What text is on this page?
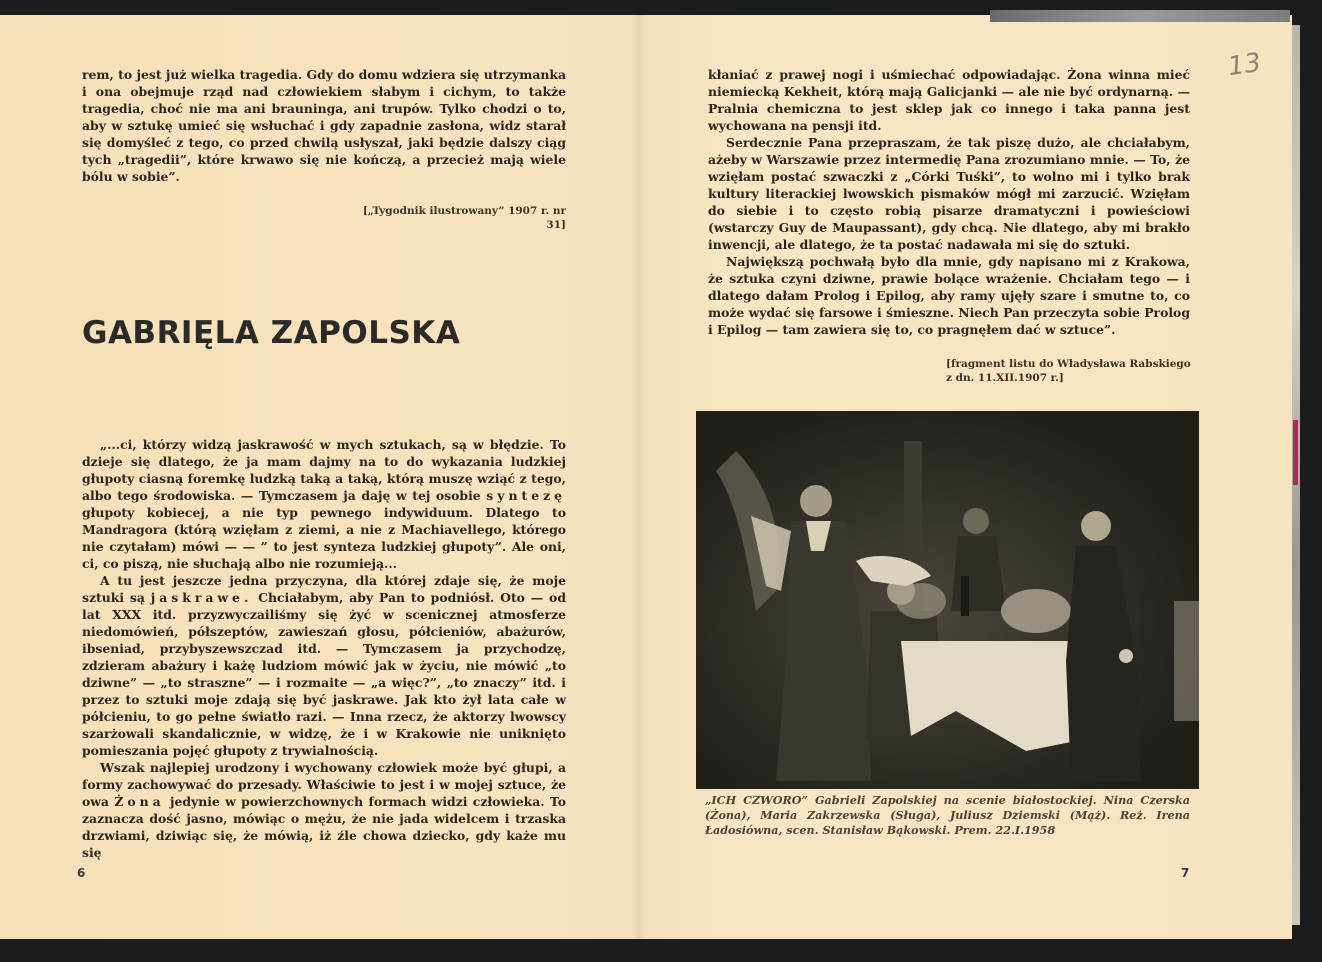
rem, to jest już wielka tragedia. Gdy do domu wdziera się utrzymanka i ona obejmuje rząd nad człowiekiem słabym i cichym, to także tragedia, choć nie ma ani brauninga, ani trupów. Tylko chodzi o to, aby w sztukę umieć się wsłuchać i gdy zapadnie zasłona, widz starał się domyśleć z tego, co przed chwilą usłyszał, jaki będzie dalszy ciąg tych „tragedii”, które krwawo się nie kończą, a przecież mają wiele bólu w sobie”.

[„Tygodnik ilustrowany” 1907 r. nr 31]
GABRIĘLA ZAPOLSKA

„...ci, którzy widzą jaskrawość w mych sztukach, są w błędzie. To dzieje się dlatego, że ja mam dajmy na to do wykazania ludzkiej głupoty ciasną foremkę ludzką taką a taką, którą muszę wziąć z tego, albo tego środowiska. — Tymczasem ja daję w tej osobie syntezę głupoty kobiecej, a nie typ pewnego indywiduum. Dlatego to Mandragora (którą wzięłam z ziemi, a nie z Machiavellego, którego nie czytałam) mówi — — ” to jest synteza ludzkiej głupoty”. Ale oni, ci, co piszą, nie słuchają albo nie rozumieją...

A tu jest jeszcze jedna przyczyna, dla której zdaje się, że moje sztuki są jaskrawe. Chciałabym, aby Pan to podniósł. Oto — od lat XXX itd. przyzwyczailiśmy się żyć w scenicznej atmosferze niedomówień, półszeptów, zawieszań głosu, półcieniów, abażurów, ibseniad, przybyszewszczad itd. — Tymczasem ja przychodzę, zdzieram abażury i każę ludziom mówić jak w życiu, nie mówić „to dziwne” — „to straszne” — i rozmaite — „a więc?”, „to znaczy” itd. i przez to sztuki moje zdają się być jaskrawe. Jak kto żył lata całe w półcieniu, to go pełne światło razi. — Inna rzecz, że aktorzy lwowscy szarżowali skandalicznie, w widzę, że i w Krakowie nie uniknięto pomieszania pojęć głupoty z trywialnością.

Wszak najlepiej urodzony i wychowany człowiek może być głupi, a formy zachowywać do przesady. Właściwie to jest i w mojej sztuce, że owa Żona jedynie w powierzchownych formach widzi człowieka. To zaznacza dość jasno, mówiąc o mężu, że nie jada widelcem i trzaska drzwiami, dziwiąc się, że mówią, iż źle chowa dziecko, gdy każe mu się

6
13

kłaniać z prawej nogi i uśmiechać odpowiadając. Żona winna mieć niemiecką Kekheit, którą mają Galicjanki — ale nie być ordynarną. — Pralnia chemiczna to jest sklep jak co innego i taka panna jest wychowana na pensji itd.

Serdecznie Pana przepraszam, że tak piszę dużo, ale chciałabym, ażeby w Warszawie przez intermedię Pana zrozumiano mnie. — To, że wzięłam postać szwaczki z „Córki Tuśki”, to wolno mi i tylko brak kultury literackiej lwowskich pismaków mógł mi zarzucić. Wzięłam do siebie i to często robią pisarze dramatyczni i powieściowi (wstarczy Guy de Maupassant), gdy chcą. Nie dlatego, aby mi brakło inwencji, ale dlatego, że ta postać nadawała mi się do sztuki.

Największą pochwałą było dla mnie, gdy napisano mi z Krakowa, że sztuka czyni dziwne, prawie bolące wrażenie. Chciałam tego — i dlatego dałam Prolog i Epilog, aby ramy ujęły szare i smutne to, co może wydać się farsowe i śmieszne. Niech Pan przeczyta sobie Prolog i Epilog — tam zawiera się to, co pragnęłem dać w sztuce”.

[fragment listu do Władysława Rabskiego
z dn. 11.XII.1907 r.]
„ICH CZWORO” Gabrieli Zapolskiej na scenie białostockiej. Nina Czerska (Żona), Maria Zakrzewska (Sługa), Juliusz Dziemski (Mąż). Reż. Irena Ładosiówna, scen. Stanisław Bąkowski. Prem. 22.I.1958
7
